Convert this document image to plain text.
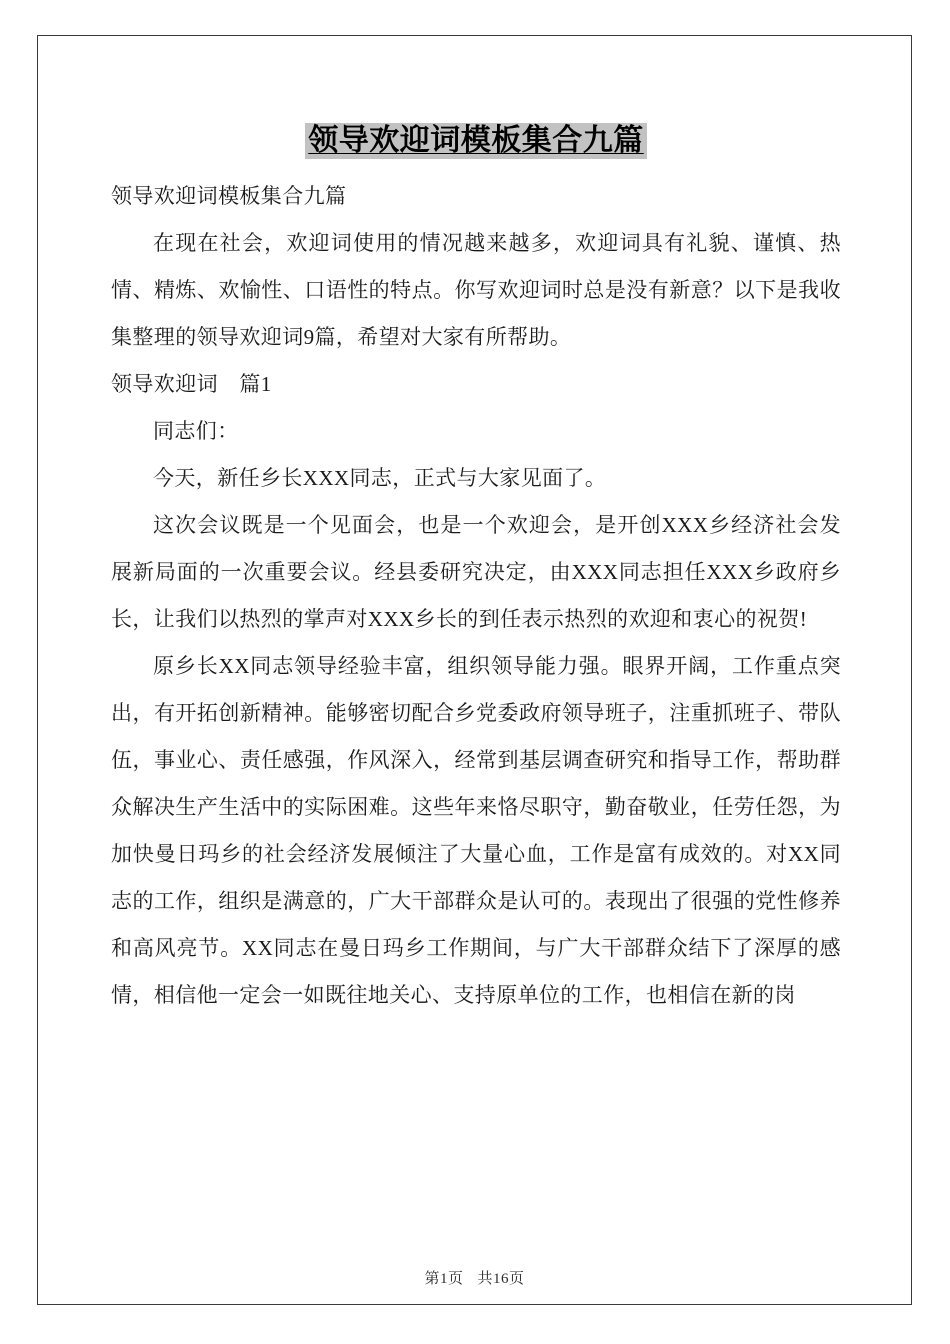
领导欢迎词模板集合九篇

领导欢迎词模板集合九篇

在现在社会，欢迎词使用的情况越来越多，欢迎词具有礼貌、谨慎、热情、精炼、欢愉性、口语性的特点。你写欢迎词时总是没有新意？以下是我收集整理的领导欢迎词9篇，希望对大家有所帮助。

领导欢迎词　篇1

同志们：

今天，新任乡长XXX同志，正式与大家见面了。

这次会议既是一个见面会，也是一个欢迎会，是开创XXX乡经济社会发展新局面的一次重要会议。经县委研究决定，由XXX同志担任XXX乡政府乡长，让我们以热烈的掌声对XXX乡长的到任表示热烈的欢迎和衷心的祝贺!

原乡长XX同志领导经验丰富，组织领导能力强。眼界开阔，工作重点突出，有开拓创新精神。能够密切配合乡党委政府领导班子，注重抓班子、带队伍，事业心、责任感强，作风深入，经常到基层调查研究和指导工作，帮助群众解决生产生活中的实际困难。这些年来恪尽职守，勤奋敬业，任劳任怨，为加快曼日玛乡的社会经济发展倾注了大量心血，工作是富有成效的。对XX同志的工作，组织是满意的，广大干部群众是认可的。表现出了很强的党性修养和高风亮节。XX同志在曼日玛乡工作期间，与广大干部群众结下了深厚的感情，相信他一定会一如既往地关心、支持原单位的工作，也相信在新的岗

第1页 共16页
